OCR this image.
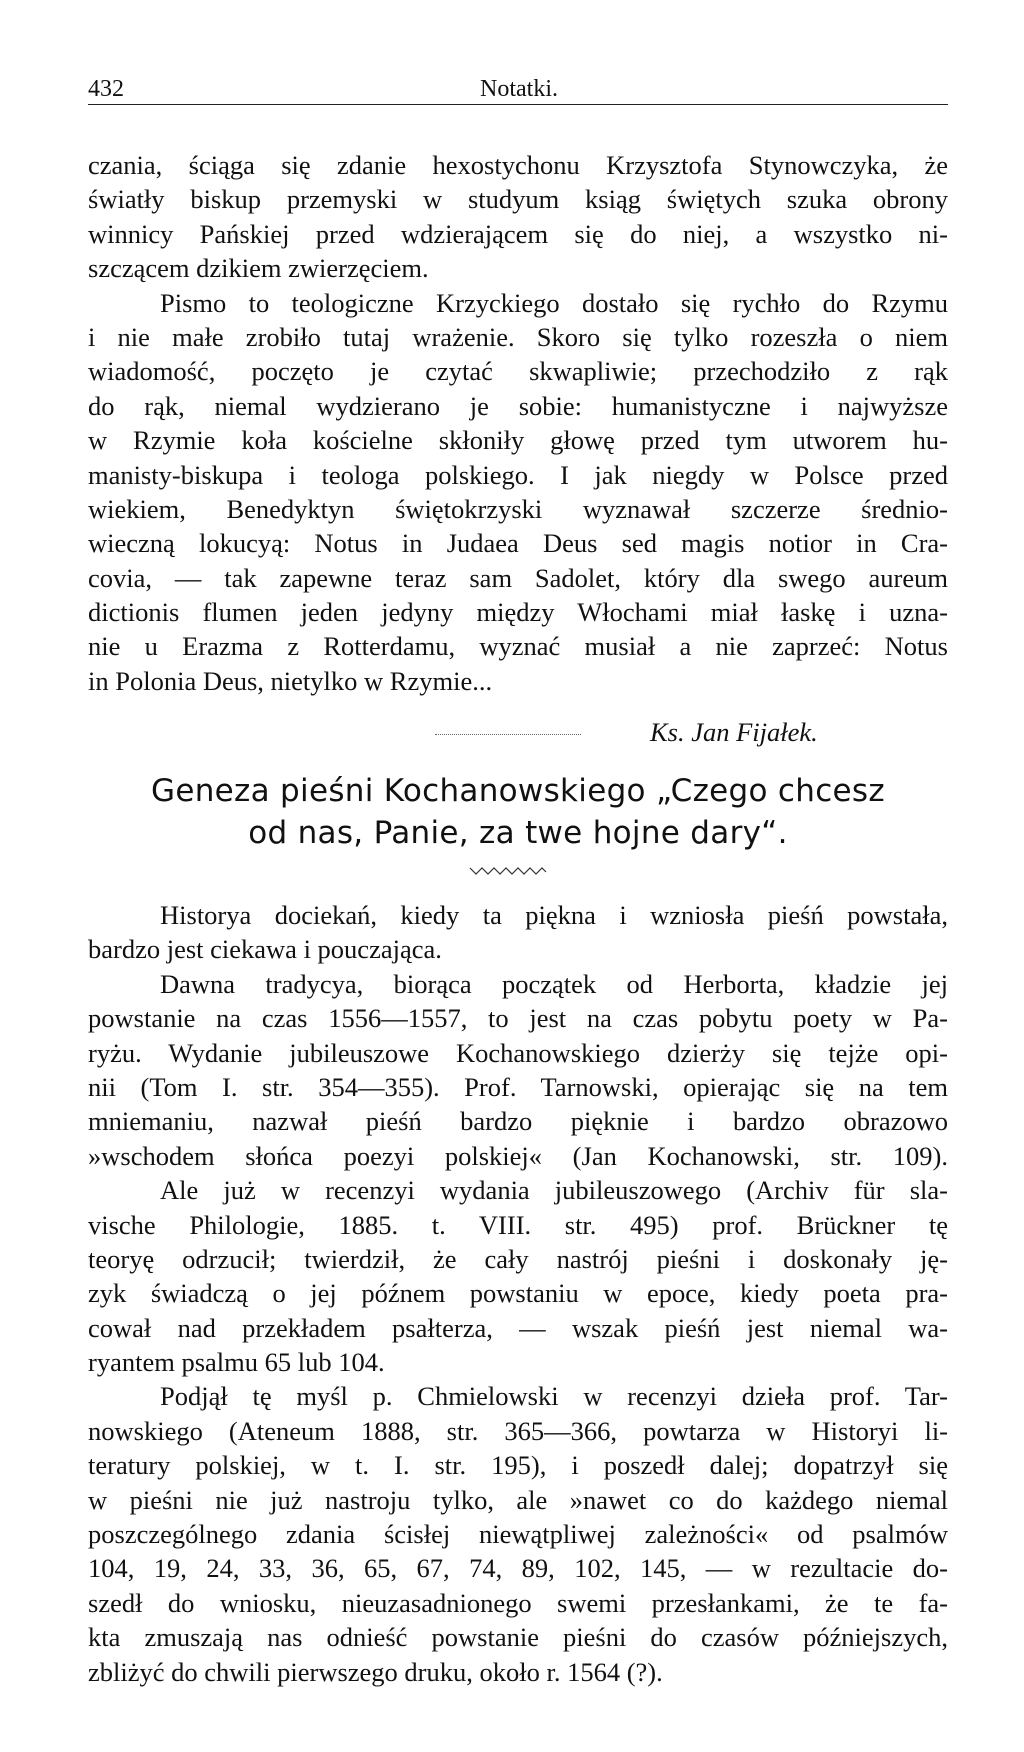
432	Notatki.
czania, ściąga się zdanie hexostychonu Krzysztofa Stynowczyka, że
światły biskup przemyski w studyum ksiąg świętych szuka obrony
winnicy Pańskiej przed wdzierającem się do niej, a wszystko ni-
szczącem dzikiem zwierzęciem.
Pismo to teologiczne Krzyckiego dostało się rychło do Rzymu
i nie małe zrobiło tutaj wrażenie. Skoro się tylko rozeszła o niem
wiadomość, poczęto je czytać skwapliwie; przechodziło z rąk
do rąk, niemal wydzierano je sobie: humanistyczne i najwyższe
w Rzymie koła kościelne skłoniły głowę przed tym utworem hu-
manisty-biskupa i teologa polskiego. I jak niegdy w Polsce przed
wiekiem, Benedyktyn świętokrzyski wyznawał szczerze średnio-
wieczną lokucyą: Notus in Judaea Deus sed magis notior in Cra-
covia, — tak zapewne teraz sam Sadolet, który dla swego aureum
dictionis flumen jeden jedyny między Włochami miał łaskę i uzna-
nie u Erazma z Rotterdamu, wyznać musiał a nie zaprzeć: Notus
in Polonia Deus, nietylko w Rzymie...
Ks. Jan Fijałek.
Geneza pieśni Kochanowskiego „Czego chcesz
od nas, Panie, za twe hojne dary“.
Historya dociekań, kiedy ta piękna i wzniosła pieśń powstała,
bardzo jest ciekawa i pouczająca.
Dawna tradycya, biorąca początek od Herborta, kładzie jej
powstanie na czas 1556—1557, to jest na czas pobytu poety w Pa-
ryżu. Wydanie jubileuszowe Kochanowskiego dzierży się tejże opi-
nii (Tom I. str. 354—355). Prof. Tarnowski, opierając się na tem
mniemaniu, nazwał pieśń bardzo pięknie i bardzo obrazowo
»wschodem słońca poezyi polskiej« (Jan Kochanowski, str. 109).
Ale już w recenzyi wydania jubileuszowego (Archiv für sla-
vische Philologie, 1885. t. VIII. str. 495) prof. Brückner tę
teoryę odrzucił; twierdził, że cały nastrój pieśni i doskonały ję-
zyk świadczą o jej późnem powstaniu w epoce, kiedy poeta pra-
cował nad przekładem psałterza, — wszak pieśń jest niemal wa-
ryantem psalmu 65 lub 104.
Podjął tę myśl p. Chmielowski w recenzyi dzieła prof. Tar-
nowskiego (Ateneum 1888, str. 365—366, powtarza w Historyi li-
teratury polskiej, w t. I. str. 195), i poszedł dalej; dopatrzył się
w pieśni nie już nastroju tylko, ale »nawet co do każdego niemal
poszczególnego zdania ścisłej niewątpliwej zależności« od psalmów
104, 19, 24, 33, 36, 65, 67, 74, 89, 102, 145, — w rezultacie do-
szedł do wniosku, nieuzasadnionego swemi przesłankami, że te fa-
kta zmuszają nas odnieść powstanie pieśni do czasów późniejszych,
zbliżyć do chwili pierwszego druku, około r. 1564 (?).
